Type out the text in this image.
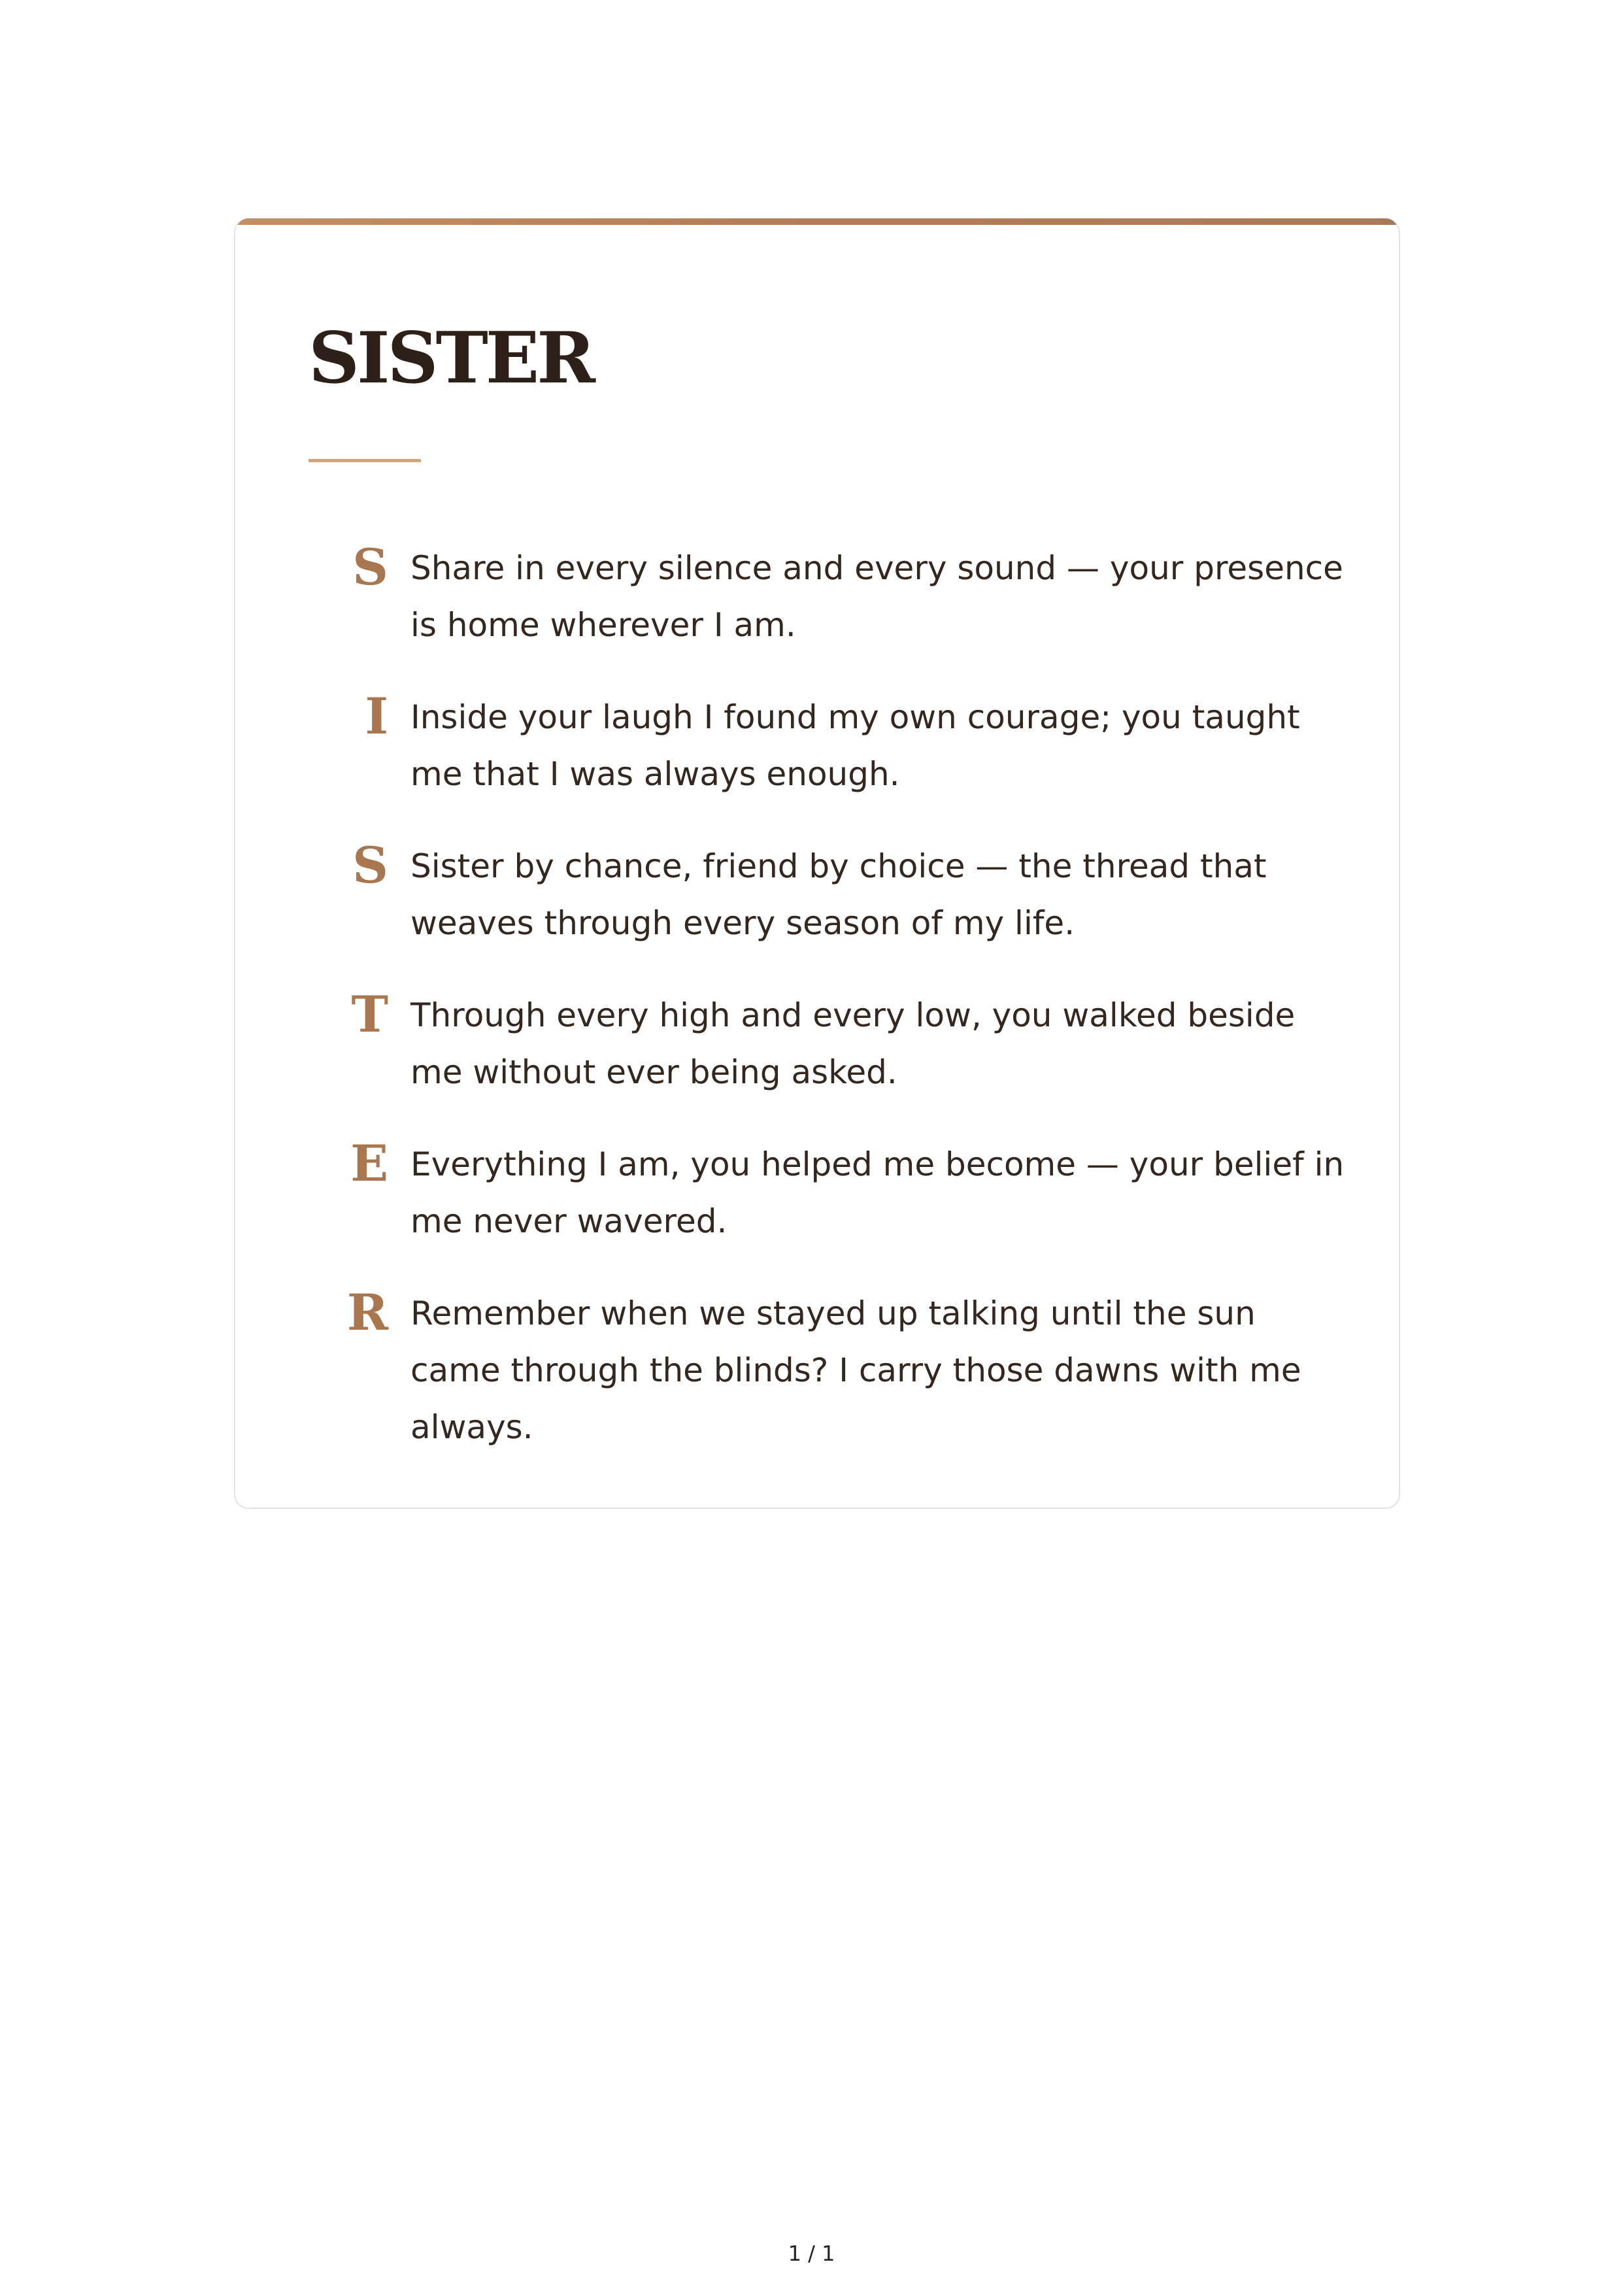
SISTER
S Share in every silence and every sound — your presence is home wherever I am.
I Inside your laugh I found my own courage; you taught me that I was always enough.
S Sister by chance, friend by choice — the thread that weaves through every season of my life.
T Through every high and every low, you walked beside me without ever being asked.
E Everything I am, you helped me become — your belief in me never wavered.
R Remember when we stayed up talking until the sun came through the blinds? I carry those dawns with me always.
1 / 1
